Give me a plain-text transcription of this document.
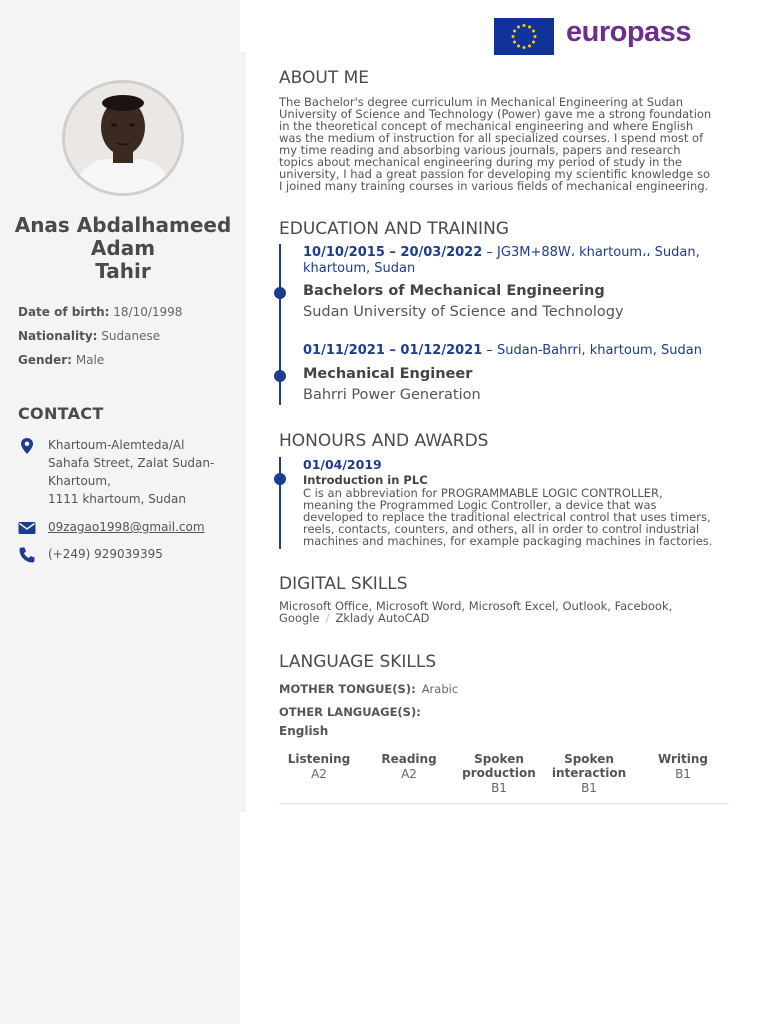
europass
Anas Abdalhameed
Adam
Tahir
Date of birth: 18/10/1998
Nationality: Sudanese
Gender: Male
CONTACT
Khartoum-Alemteda/Al
Sahafa Street, Zalat Sudan-
Khartoum,
1111 khartoum, Sudan
09zagao1998@gmail.com
(+249) 929039395
ABOUT ME
The Bachelor's degree curriculum in Mechanical Engineering at Sudan
University of Science and Technology (Power) gave me a strong foundation
in the theoretical concept of mechanical engineering and where English
was the medium of instruction for all specialized courses. I spend most of
my time reading and absorbing various journals, papers and research
topics about mechanical engineering during my period of study in the
university, I had a great passion for developing my scientific knowledge so
I joined many training courses in various fields of mechanical engineering.
EDUCATION AND TRAINING
10/10/2015 – 20/03/2022 – JG3M+88W، khartoum،، Sudan,
khartoum, Sudan
Bachelors of Mechanical Engineering
Sudan University of Science and Technology
01/11/2021 – 01/12/2021 – Sudan-Bahrri, khartoum, Sudan
Mechanical Engineer
Bahrri Power Generation
HONOURS AND AWARDS
01/04/2019
Introduction in PLC
C is an abbreviation for PROGRAMMABLE LOGIC CONTROLLER,
meaning the Programmed Logic Controller, a device that was
developed to replace the traditional electrical control that uses timers,
reels, contacts, counters, and others, all in order to control industrial
machines and machines, for example packaging machines in factories.
DIGITAL SKILLS
Microsoft Office, Microsoft Word, Microsoft Excel, Outlook, Facebook,
Google / Zklady AutoCAD
LANGUAGE SKILLS
MOTHER TONGUE(S): Arabic
OTHER LANGUAGE(S):
English
Listening
A2
Reading
A2
Spoken
production
B1
Spoken
interaction
B1
Writing
B1
